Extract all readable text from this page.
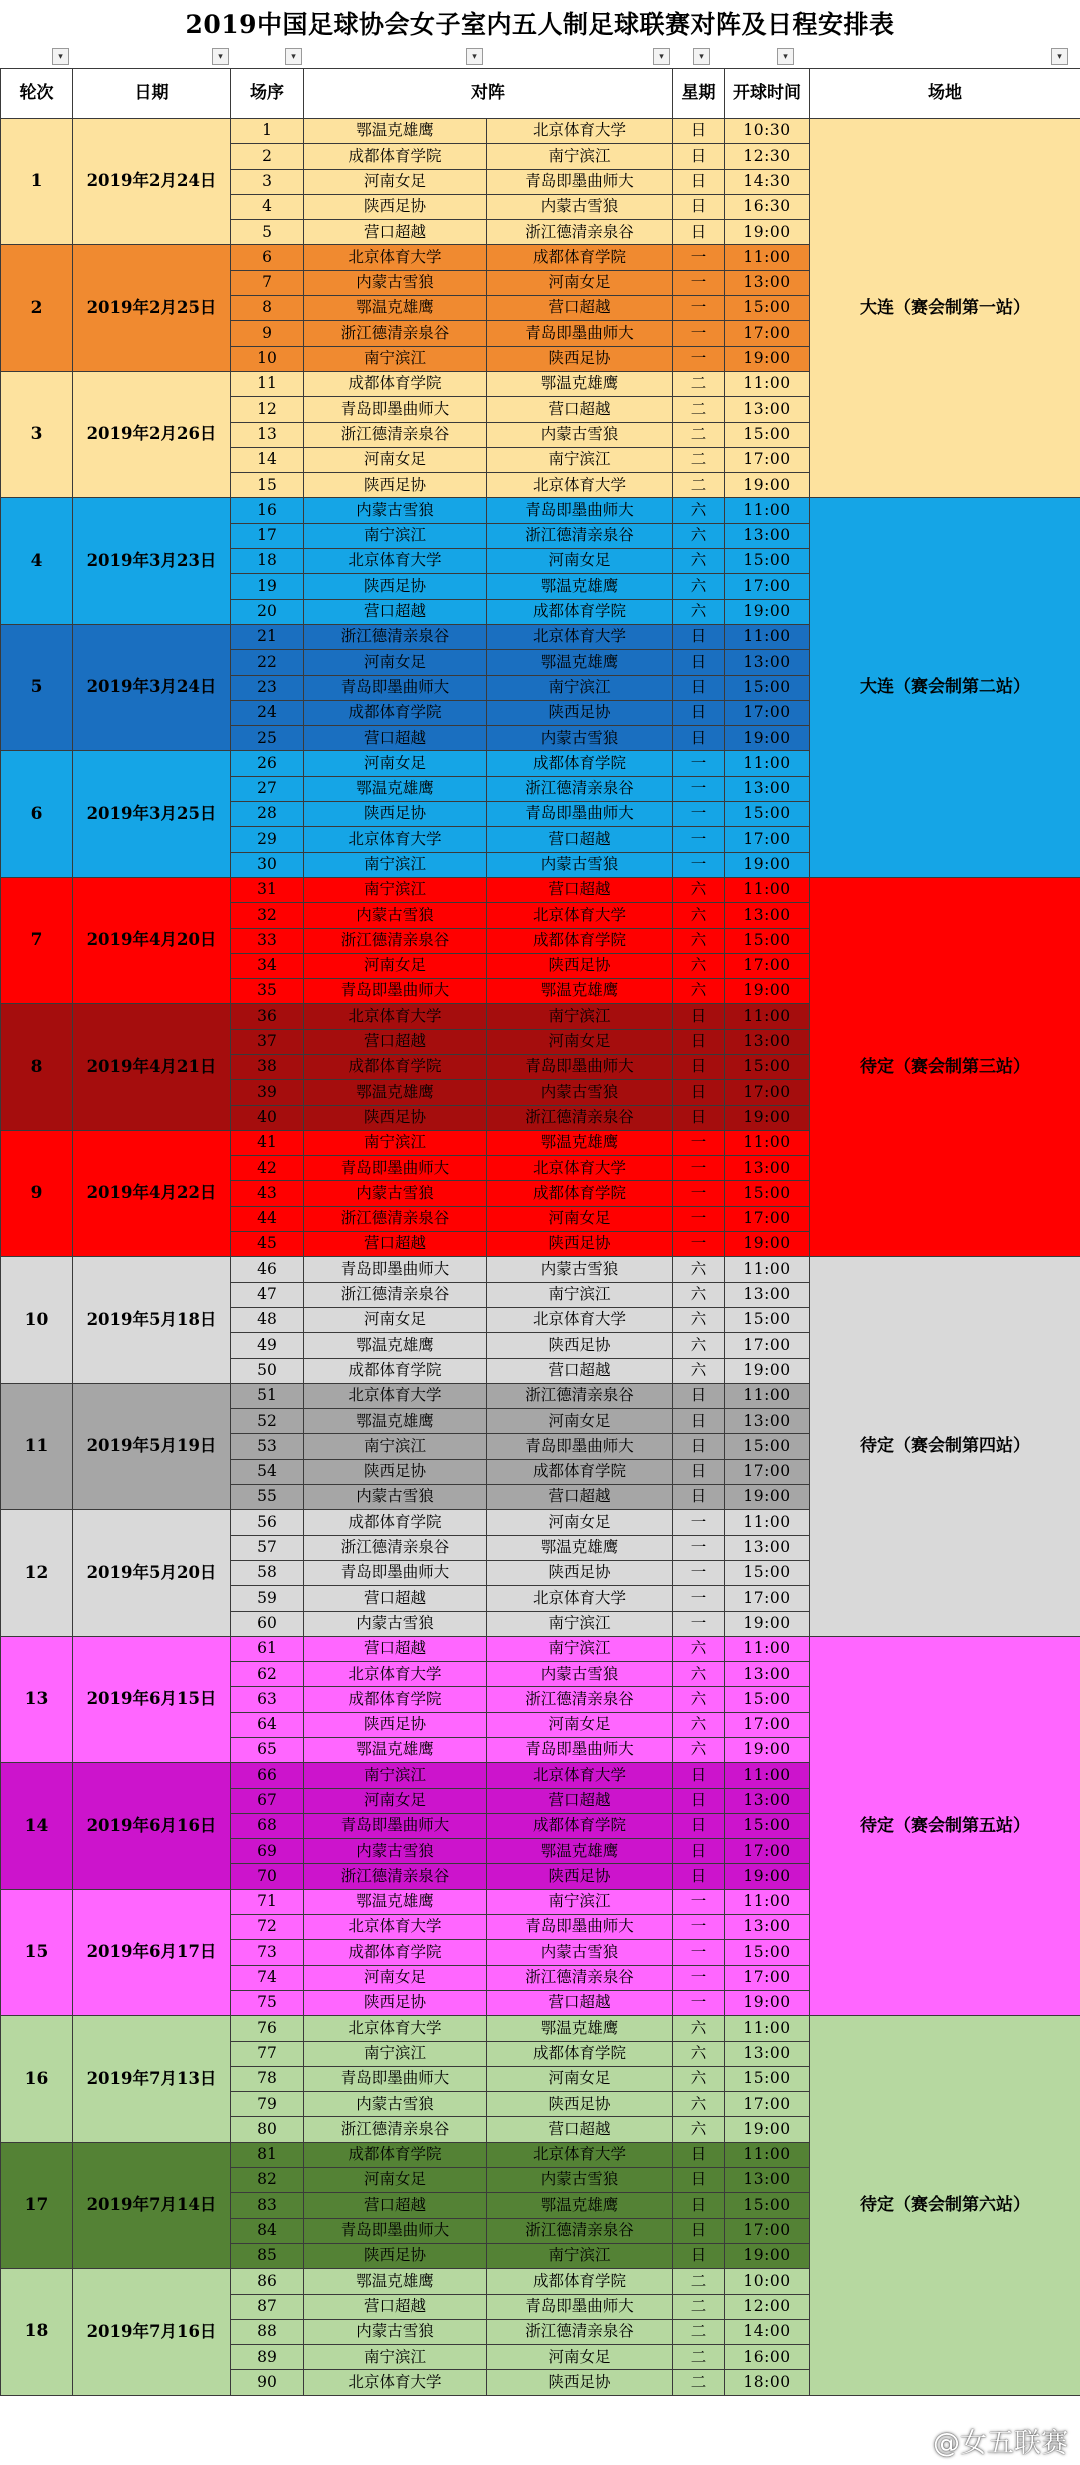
2019中国足球协会女子室内五人制足球联赛对阵及日程安排表
▾	▾	▾	▾	▾	▾	▾	▾
轮次	日期	场序	对阵		星期	开球时间	场地
1	2019年2月24日	1	鄂温克雄鹰	北京体育大学	日	10:30	大连（赛会制第一站）
		2	成都体育学院	南宁滨江	日	12:30	
		3	河南女足	青岛即墨曲师大	日	14:30	
		4	陕西足协	内蒙古雪狼	日	16:30	
		5	营口超越	浙江德清亲泉谷	日	19:00	
2	2019年2月25日	6	北京体育大学	成都体育学院	一	11:00	
		7	内蒙古雪狼	河南女足	一	13:00	
		8	鄂温克雄鹰	营口超越	一	15:00	
		9	浙江德清亲泉谷	青岛即墨曲师大	一	17:00	
		10	南宁滨江	陕西足协	一	19:00	
3	2019年2月26日	11	成都体育学院	鄂温克雄鹰	二	11:00	
		12	青岛即墨曲师大	营口超越	二	13:00	
		13	浙江德清亲泉谷	内蒙古雪狼	二	15:00	
		14	河南女足	南宁滨江	二	17:00	
		15	陕西足协	北京体育大学	二	19:00	
4	2019年3月23日	16	内蒙古雪狼	青岛即墨曲师大	六	11:00	大连（赛会制第二站）
		17	南宁滨江	浙江德清亲泉谷	六	13:00	
		18	北京体育大学	河南女足	六	15:00	
		19	陕西足协	鄂温克雄鹰	六	17:00	
		20	营口超越	成都体育学院	六	19:00	
5	2019年3月24日	21	浙江德清亲泉谷	北京体育大学	日	11:00	
		22	河南女足	鄂温克雄鹰	日	13:00	
		23	青岛即墨曲师大	南宁滨江	日	15:00	
		24	成都体育学院	陕西足协	日	17:00	
		25	营口超越	内蒙古雪狼	日	19:00	
6	2019年3月25日	26	河南女足	成都体育学院	一	11:00	
		27	鄂温克雄鹰	浙江德清亲泉谷	一	13:00	
		28	陕西足协	青岛即墨曲师大	一	15:00	
		29	北京体育大学	营口超越	一	17:00	
		30	南宁滨江	内蒙古雪狼	一	19:00	
7	2019年4月20日	31	南宁滨江	营口超越	六	11:00	待定（赛会制第三站）
		32	内蒙古雪狼	北京体育大学	六	13:00	
		33	浙江德清亲泉谷	成都体育学院	六	15:00	
		34	河南女足	陕西足协	六	17:00	
		35	青岛即墨曲师大	鄂温克雄鹰	六	19:00	
8	2019年4月21日	36	北京体育大学	南宁滨江	日	11:00	
		37	营口超越	河南女足	日	13:00	
		38	成都体育学院	青岛即墨曲师大	日	15:00	
		39	鄂温克雄鹰	内蒙古雪狼	日	17:00	
		40	陕西足协	浙江德清亲泉谷	日	19:00	
9	2019年4月22日	41	南宁滨江	鄂温克雄鹰	一	11:00	
		42	青岛即墨曲师大	北京体育大学	一	13:00	
		43	内蒙古雪狼	成都体育学院	一	15:00	
		44	浙江德清亲泉谷	河南女足	一	17:00	
		45	营口超越	陕西足协	一	19:00	
10	2019年5月18日	46	青岛即墨曲师大	内蒙古雪狼	六	11:00	待定（赛会制第四站）
		47	浙江德清亲泉谷	南宁滨江	六	13:00	
		48	河南女足	北京体育大学	六	15:00	
		49	鄂温克雄鹰	陕西足协	六	17:00	
		50	成都体育学院	营口超越	六	19:00	
11	2019年5月19日	51	北京体育大学	浙江德清亲泉谷	日	11:00	
		52	鄂温克雄鹰	河南女足	日	13:00	
		53	南宁滨江	青岛即墨曲师大	日	15:00	
		54	陕西足协	成都体育学院	日	17:00	
		55	内蒙古雪狼	营口超越	日	19:00	
12	2019年5月20日	56	成都体育学院	河南女足	一	11:00	
		57	浙江德清亲泉谷	鄂温克雄鹰	一	13:00	
		58	青岛即墨曲师大	陕西足协	一	15:00	
		59	营口超越	北京体育大学	一	17:00	
		60	内蒙古雪狼	南宁滨江	一	19:00	
13	2019年6月15日	61	营口超越	南宁滨江	六	11:00	待定（赛会制第五站）
		62	北京体育大学	内蒙古雪狼	六	13:00	
		63	成都体育学院	浙江德清亲泉谷	六	15:00	
		64	陕西足协	河南女足	六	17:00	
		65	鄂温克雄鹰	青岛即墨曲师大	六	19:00	
14	2019年6月16日	66	南宁滨江	北京体育大学	日	11:00	
		67	河南女足	营口超越	日	13:00	
		68	青岛即墨曲师大	成都体育学院	日	15:00	
		69	内蒙古雪狼	鄂温克雄鹰	日	17:00	
		70	浙江德清亲泉谷	陕西足协	日	19:00	
15	2019年6月17日	71	鄂温克雄鹰	南宁滨江	一	11:00	
		72	北京体育大学	青岛即墨曲师大	一	13:00	
		73	成都体育学院	内蒙古雪狼	一	15:00	
		74	河南女足	浙江德清亲泉谷	一	17:00	
		75	陕西足协	营口超越	一	19:00	
16	2019年7月13日	76	北京体育大学	鄂温克雄鹰	六	11:00	待定（赛会制第六站）
		77	南宁滨江	成都体育学院	六	13:00	
		78	青岛即墨曲师大	河南女足	六	15:00	
		79	内蒙古雪狼	陕西足协	六	17:00	
		80	浙江德清亲泉谷	营口超越	六	19:00	
17	2019年7月14日	81	成都体育学院	北京体育大学	日	11:00	
		82	河南女足	内蒙古雪狼	日	13:00	
		83	营口超越	鄂温克雄鹰	日	15:00	
		84	青岛即墨曲师大	浙江德清亲泉谷	日	17:00	
		85	陕西足协	南宁滨江	日	19:00	
18	2019年7月16日	86	鄂温克雄鹰	成都体育学院	二	10:00	
		87	营口超越	青岛即墨曲师大	二	12:00	
		88	内蒙古雪狼	浙江德清亲泉谷	二	14:00	
		89	南宁滨江	河南女足	二	16:00	
		90	北京体育大学	陕西足协	二	18:00	
@女五联赛
